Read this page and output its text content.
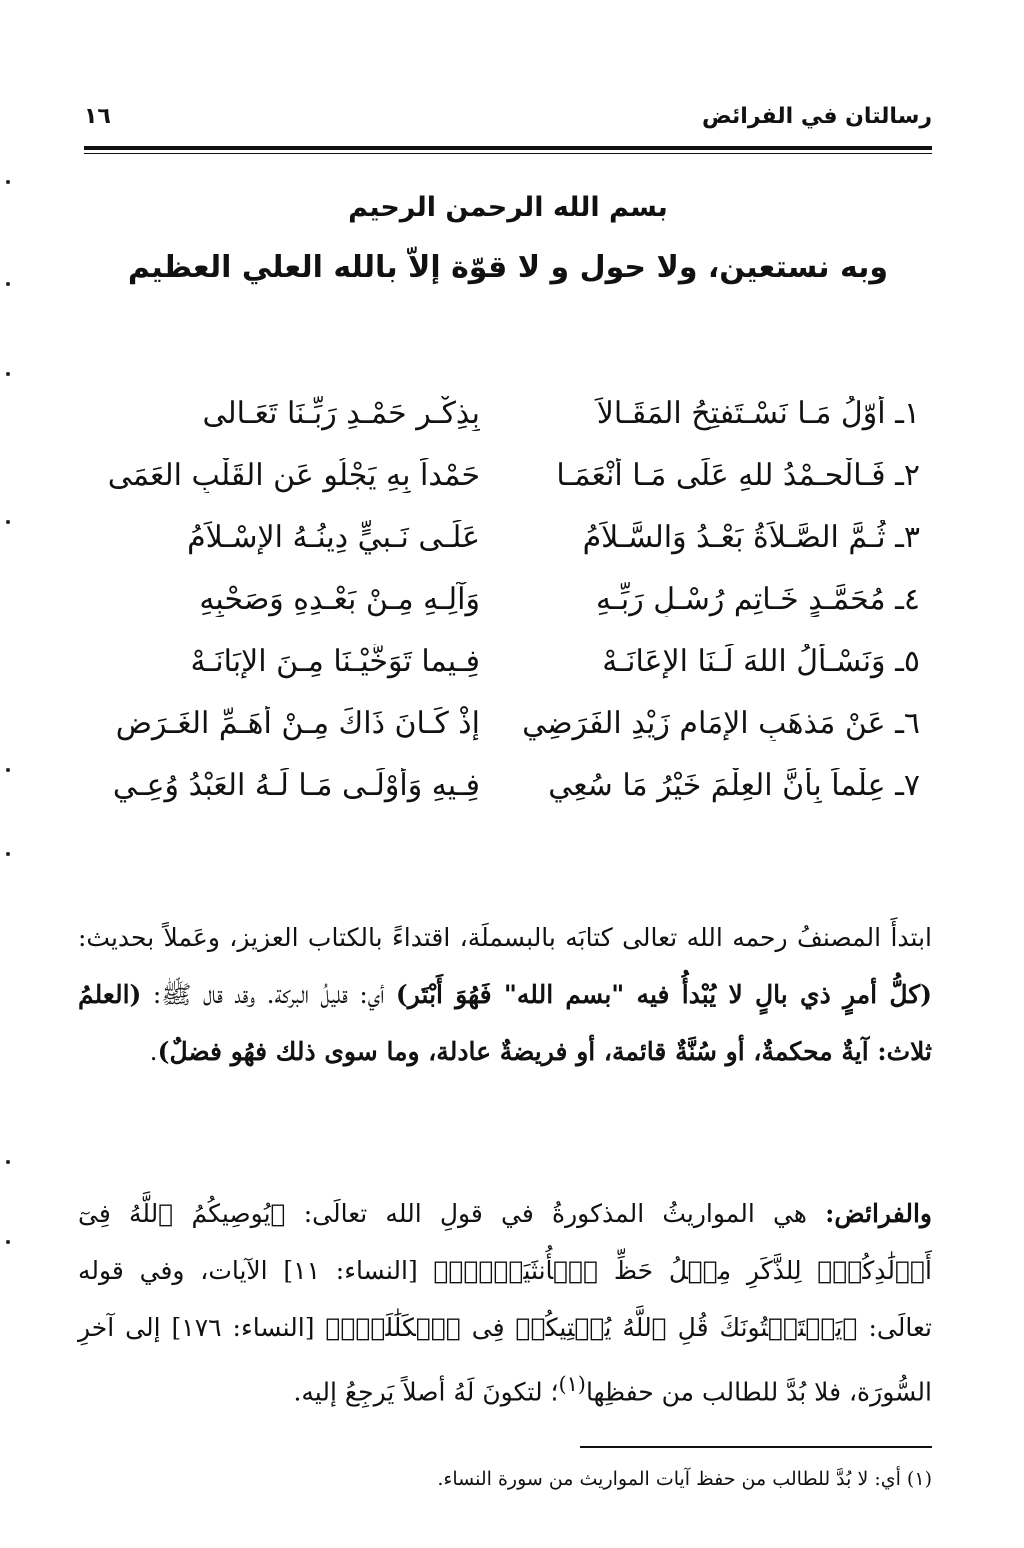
رسالتان في الفرائض
١٦
بسم الله الرحمن الرحيم
وبه نستعين، ولا حول و لا قوّة إلاّ بالله العلي العظيم
١ـ أوّلُ مَـا نَسْـتَفتِحُ المَقَـالاَ
بِذِكْـرِ حَمْـدِ رَبِّـنَا تَعَـالى
٢ـ فَـالْحـمْدُ للهِ عَلَى مَـا أنْعَمَـا
حَمْداً بِهِ يَجْلُو عَنِ القَلْبِ العَمَى
٣ـ ثُـمَّ الصَّـلاَةُ بَعْـدُ وَالسَّـلاَمُ
عَلَـى نَـبيٍّ دِينُـهُ الإِسْـلاَمُ
٤ـ مُحَمَّـدٍ خَـاتِمِ رُسْـلِ رَبِّـهِ
وَآلِـهِ مِـنْ بَعْـدِهِ وَصَحْبِهِ
٥ـ وَنَسْـأَلُ اللهَ لَـنَا الإِعَانَـهْ
فِـيما تَوَخَّيْـنَا مِـنَ الإِبَانَـهْ
٦ـ عَنْ مَذهَبِ الإِمَامِ زَيْدِ الفَرَضِي
إذْ كَـانَ ذَاكَ مِـنْ أَهَـمِّ الغَـرَضِ
٧ـ عِلْماً بِأَنَّ العِلْمَ خَيْرُ مَا سُعِي
فِـيهِ وَأَوْلَـى مَـا لَـهُ العَبْدُ وُعِـي

ابتدأَ المصنفُ رحمه الله تعالى كتابَه بالبسملَة، اقتداءً بالكتاب العزيز، وعَملاً بحديث: (كلُّ أمرٍ ذي بالٍ لا يُبْدأُ فيه "بسم الله" فَهُوَ أَبْتَر) أي: قليلُ البركة. وقد قال ﷺ: (العلمُ ثلاث: آيةٌ محكمةٌ، أو سُنَّةٌ قائمة، أو فريضةٌ عادلة، وما سوى ذلك فهُو فضلٌ).

والفرائض: هي المواريثُ المذكورةُ في قولِ الله تعالَى: ﴿يُوصِيكُمُ ٱللَّهُ فِىٓ أَوۡلَٰدِكُمۡۖ لِلذَّكَرِ مِثۡلُ حَظِّ ٱلۡأُنثَيَيۡنِۚ﴾ [النساء: ١١] الآيات، وفي قوله تعالَى: ﴿يَسۡتَفۡتُونَكَ قُلِ ٱللَّهُ يُفۡتِيكُمۡ فِى ٱلۡكَلَٰلَةِۚ﴾ [النساء: ١٧٦] إلى آخرِ السُّورَة، فلا بُدَّ للطالب من حفظِها$^{(١)}$؛ لتكونَ لَهُ أصلاً يَرجِعُ إليه.

(١) أي: لا بُدَّ للطالب من حفظ آيات المواريث من سورة النساء.
